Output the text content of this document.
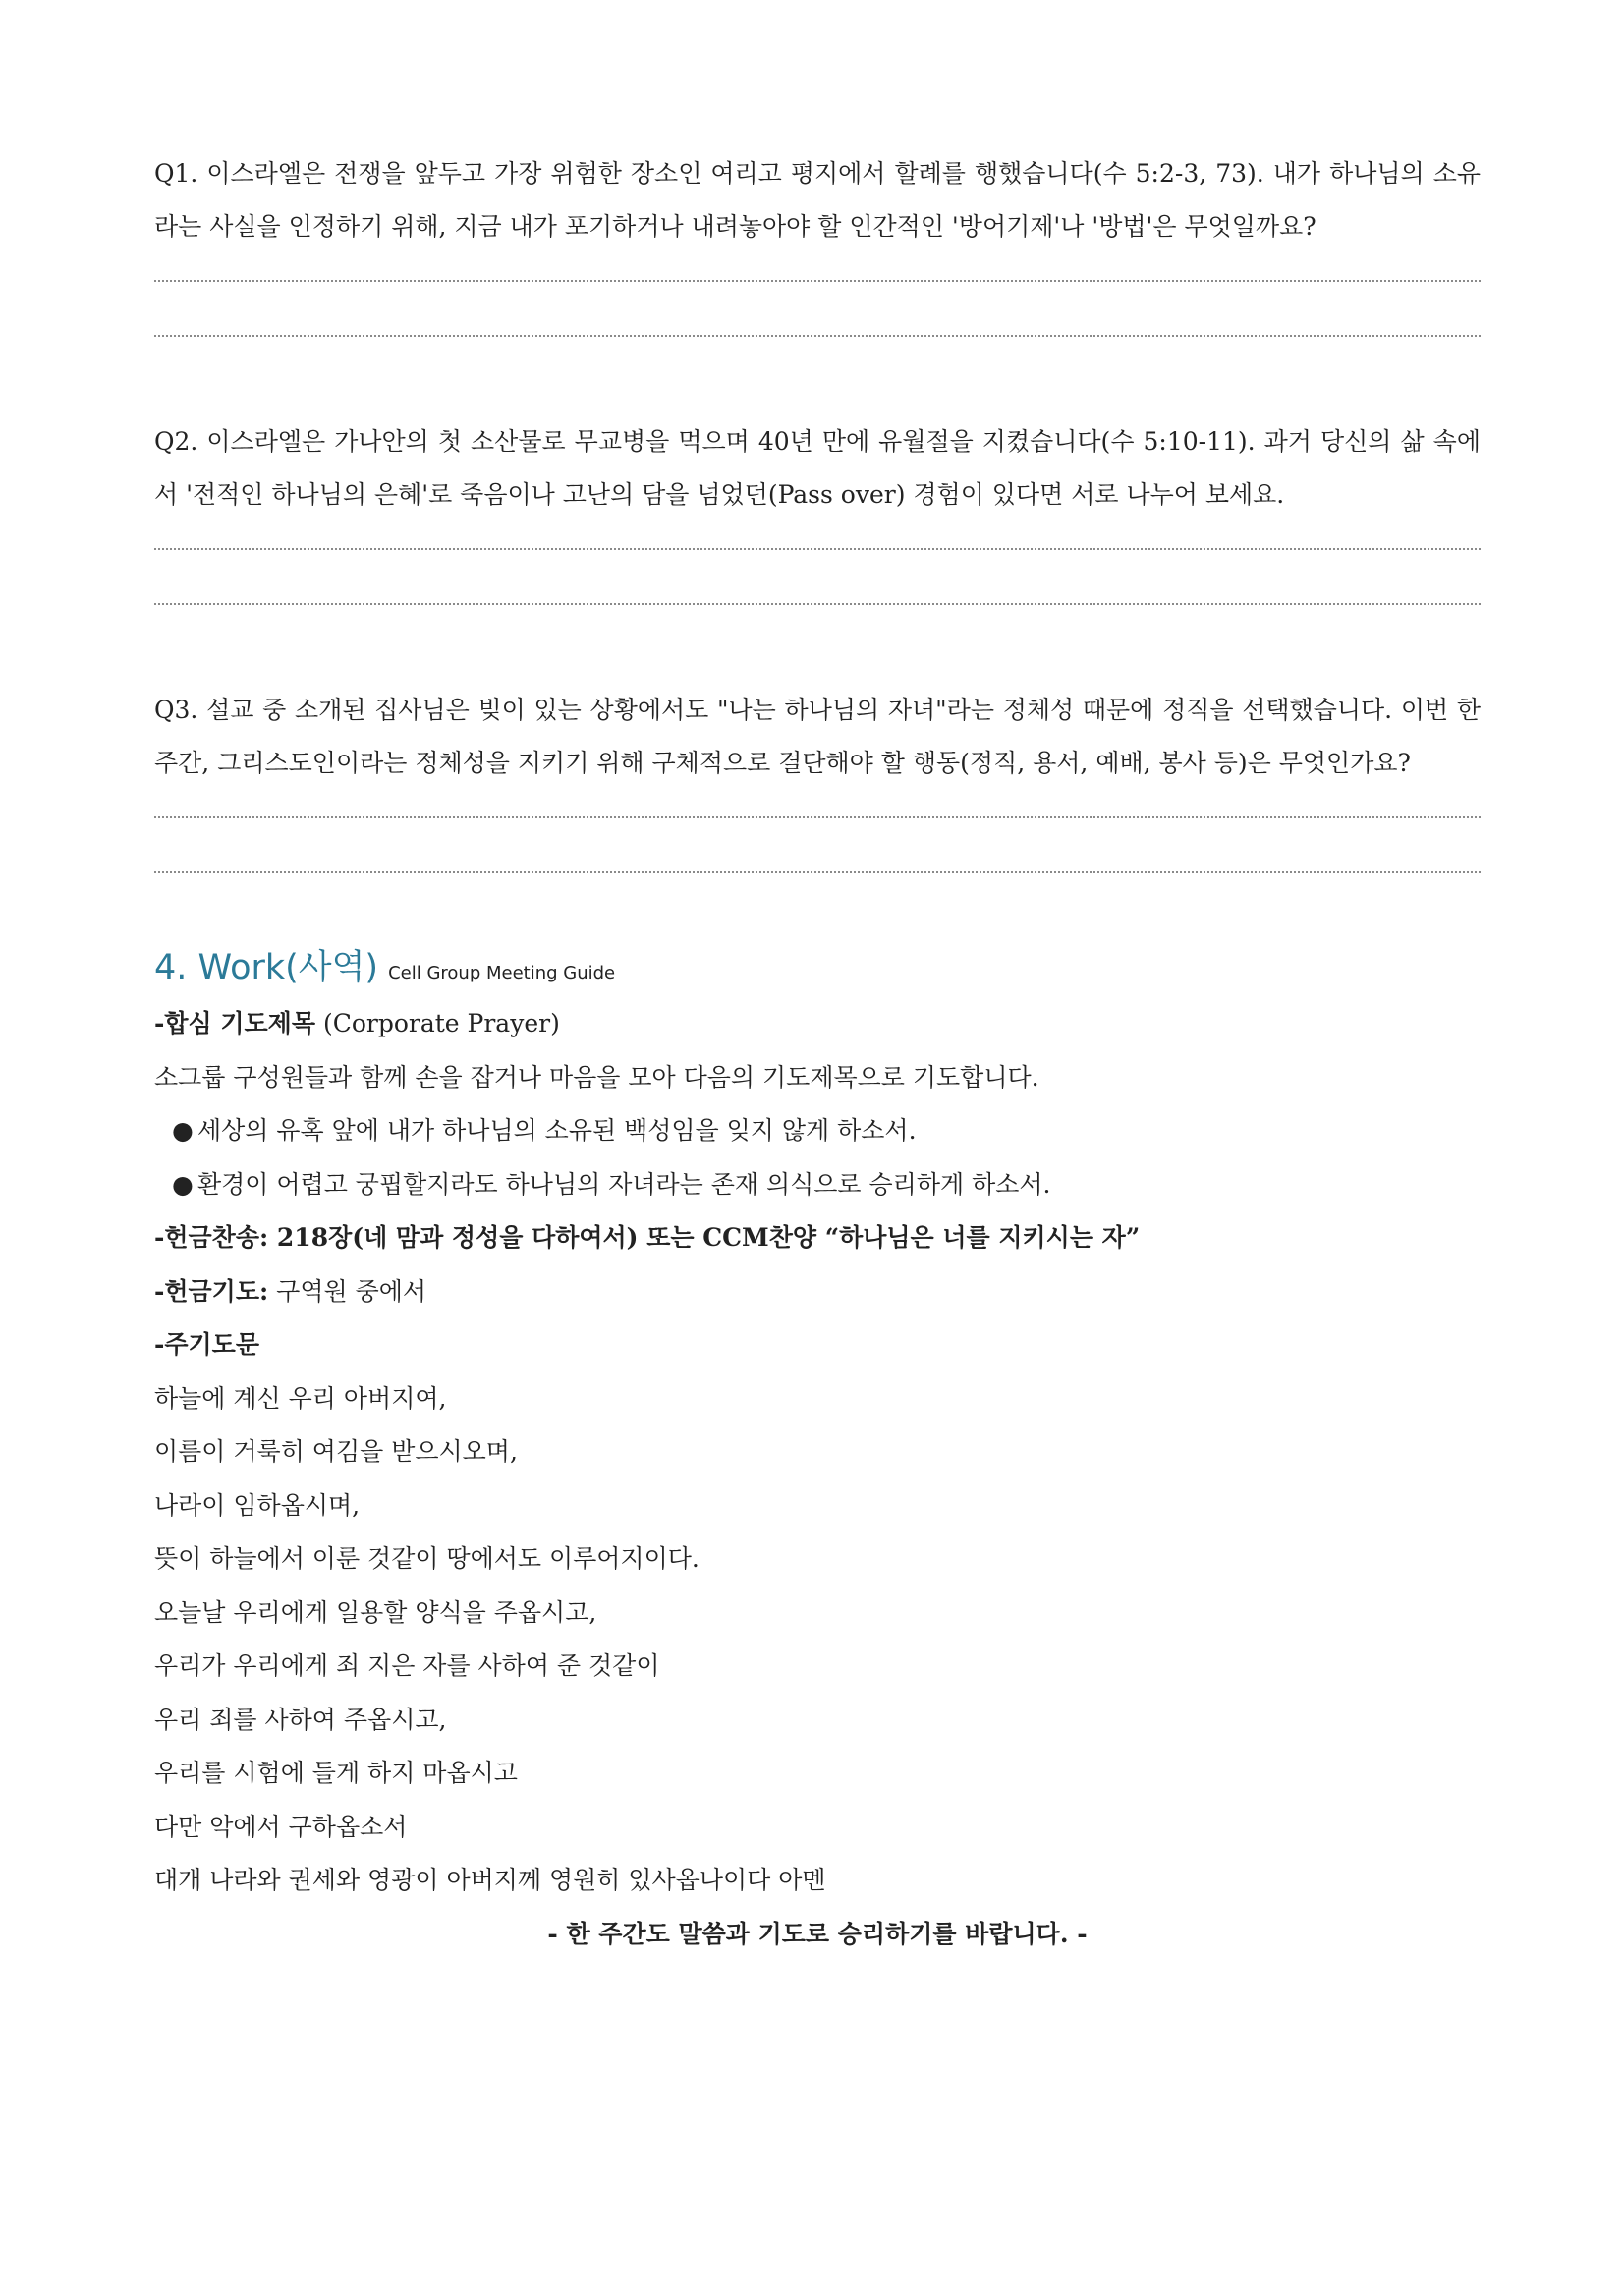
Q1. 이스라엘은 전쟁을 앞두고 가장 위험한 장소인 여리고 평지에서 할례를 행했습니다(수 5:2-3, 73). 내가 하나님의 소유라는 사실을 인정하기 위해, 지금 내가 포기하거나 내려놓아야 할 인간적인 '방어기제'나 '방법'은 무엇일까요?

Q2. 이스라엘은 가나안의 첫 소산물로 무교병을 먹으며 40년 만에 유월절을 지켰습니다(수 5:10-11). 과거 당신의 삶 속에서 '전적인 하나님의 은혜'로 죽음이나 고난의 담을 넘었던(Pass over) 경험이 있다면 서로 나누어 보세요.

Q3. 설교 중 소개된 집사님은 빚이 있는 상황에서도 "나는 하나님의 자녀"라는 정체성 때문에 정직을 선택했습니다. 이번 한 주간, 그리스도인이라는 정체성을 지키기 위해 구체적으로 결단해야 할 행동(정직, 용서, 예배, 봉사 등)은 무엇인가요?

4. Work(사역) Cell Group Meeting Guide
-합심 기도제목 (Corporate Prayer)
소그룹 구성원들과 함께 손을 잡거나 마음을 모아 다음의 기도제목으로 기도합니다.
● 세상의 유혹 앞에 내가 하나님의 소유된 백성임을 잊지 않게 하소서.
● 환경이 어렵고 궁핍할지라도 하나님의 자녀라는 존재 의식으로 승리하게 하소서.
-헌금찬송: 218장(네 맘과 정성을 다하여서) 또는 CCM찬양 “하나님은 너를 지키시는 자”
-헌금기도: 구역원 중에서
-주기도문
하늘에 계신 우리 아버지여,
이름이 거룩히 여김을 받으시오며,
나라이 임하옵시며,
뜻이 하늘에서 이룬 것같이 땅에서도 이루어지이다.
오늘날 우리에게 일용할 양식을 주옵시고,
우리가 우리에게 죄 지은 자를 사하여 준 것같이
우리 죄를 사하여 주옵시고,
우리를 시험에 들게 하지 마옵시고
다만 악에서 구하옵소서
대개 나라와 권세와 영광이 아버지께 영원히 있사옵나이다 아멘
- 한 주간도 말씀과 기도로 승리하기를 바랍니다. -
